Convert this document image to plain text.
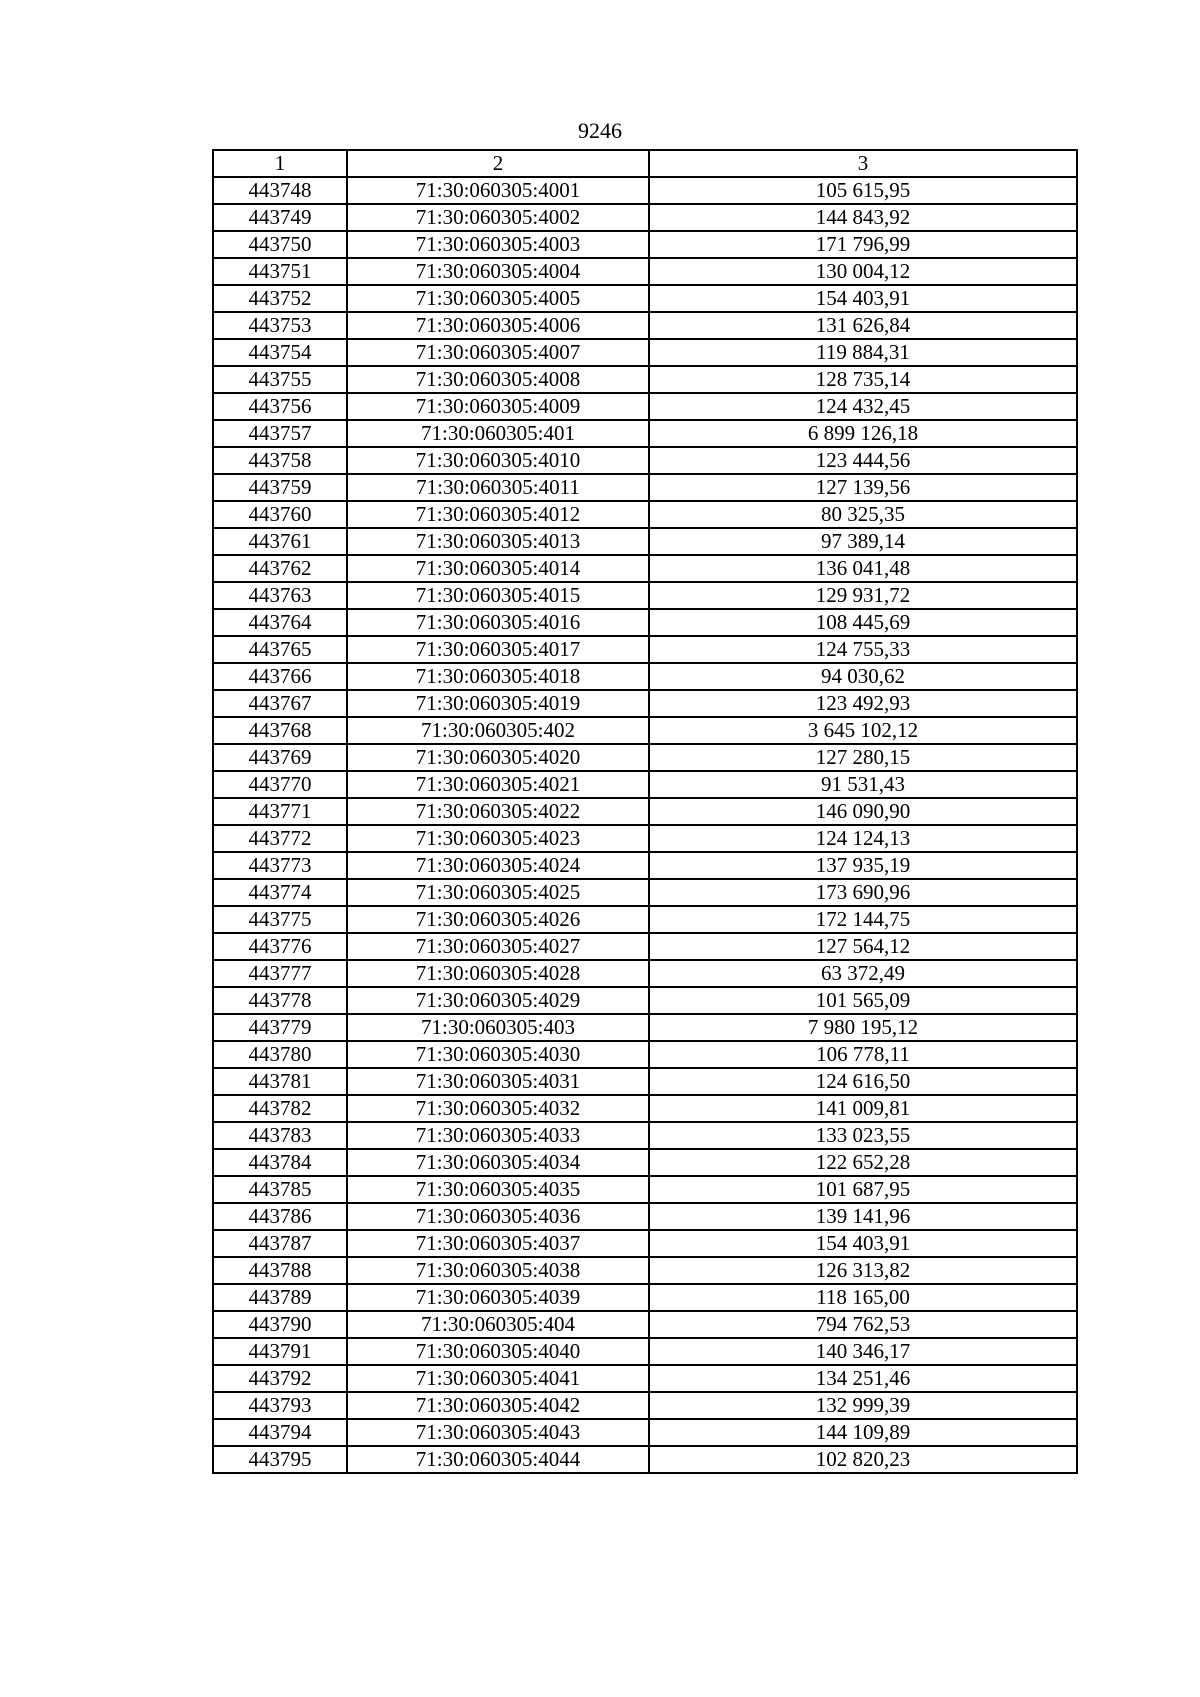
9246
1	2	3
443748	71:30:060305:4001	105 615,95
443749	71:30:060305:4002	144 843,92
443750	71:30:060305:4003	171 796,99
443751	71:30:060305:4004	130 004,12
443752	71:30:060305:4005	154 403,91
443753	71:30:060305:4006	131 626,84
443754	71:30:060305:4007	119 884,31
443755	71:30:060305:4008	128 735,14
443756	71:30:060305:4009	124 432,45
443757	71:30:060305:401	6 899 126,18
443758	71:30:060305:4010	123 444,56
443759	71:30:060305:4011	127 139,56
443760	71:30:060305:4012	80 325,35
443761	71:30:060305:4013	97 389,14
443762	71:30:060305:4014	136 041,48
443763	71:30:060305:4015	129 931,72
443764	71:30:060305:4016	108 445,69
443765	71:30:060305:4017	124 755,33
443766	71:30:060305:4018	94 030,62
443767	71:30:060305:4019	123 492,93
443768	71:30:060305:402	3 645 102,12
443769	71:30:060305:4020	127 280,15
443770	71:30:060305:4021	91 531,43
443771	71:30:060305:4022	146 090,90
443772	71:30:060305:4023	124 124,13
443773	71:30:060305:4024	137 935,19
443774	71:30:060305:4025	173 690,96
443775	71:30:060305:4026	172 144,75
443776	71:30:060305:4027	127 564,12
443777	71:30:060305:4028	63 372,49
443778	71:30:060305:4029	101 565,09
443779	71:30:060305:403	7 980 195,12
443780	71:30:060305:4030	106 778,11
443781	71:30:060305:4031	124 616,50
443782	71:30:060305:4032	141 009,81
443783	71:30:060305:4033	133 023,55
443784	71:30:060305:4034	122 652,28
443785	71:30:060305:4035	101 687,95
443786	71:30:060305:4036	139 141,96
443787	71:30:060305:4037	154 403,91
443788	71:30:060305:4038	126 313,82
443789	71:30:060305:4039	118 165,00
443790	71:30:060305:404	794 762,53
443791	71:30:060305:4040	140 346,17
443792	71:30:060305:4041	134 251,46
443793	71:30:060305:4042	132 999,39
443794	71:30:060305:4043	144 109,89
443795	71:30:060305:4044	102 820,23
